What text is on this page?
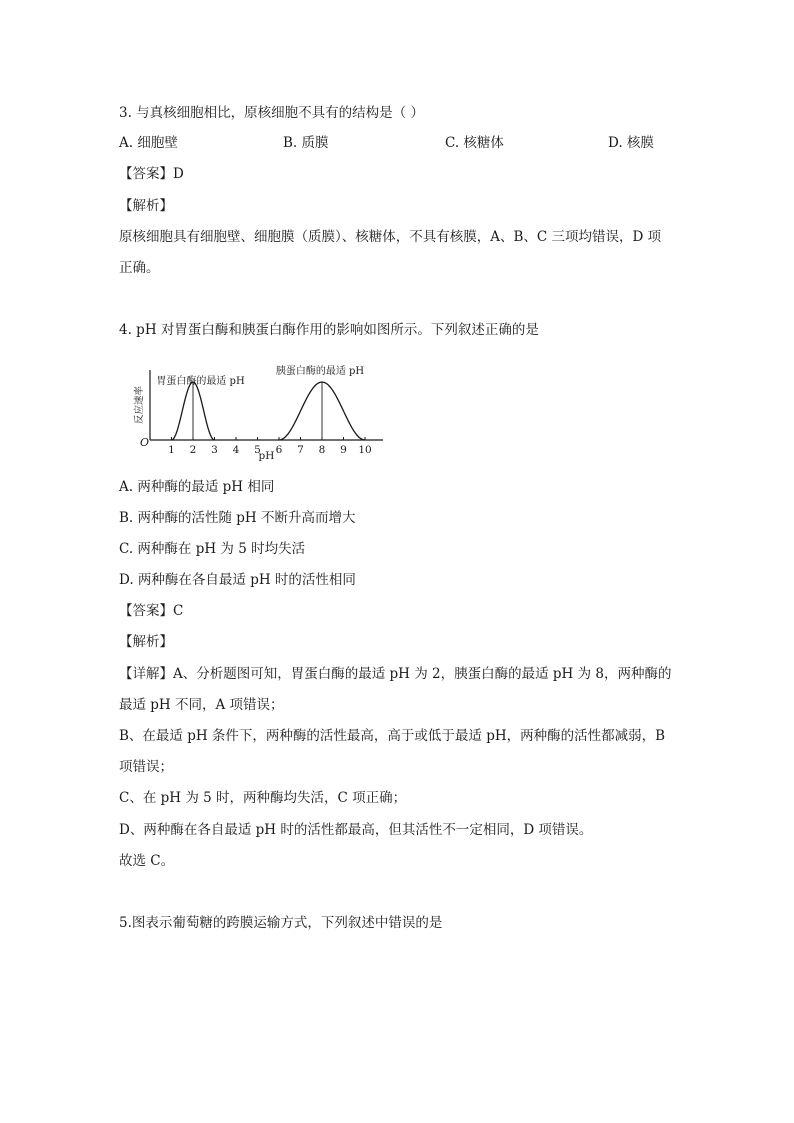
3. 与真核细胞相比，原核细胞不具有的结构是（ ）
A. 细胞壁	B. 质膜	C. 核糖体	D. 核膜
【答案】D
【解析】
原核细胞具有细胞壁、细胞膜（质膜）、核糖体，不具有核膜，A、B、C 三项均错误，D 项
正确。
4. pH 对胃蛋白酶和胰蛋白酶作用的影响如图所示。下列叙述正确的是
1 2 3 4 5 6 7 8 9 10
O
pH
反应速率
胃蛋白酶的最适 pH
胰蛋白酶的最适 pH
A. 两种酶的最适 pH 相同
B. 两种酶的活性随 pH 不断升高而增大
C. 两种酶在 pH 为 5 时均失活
D. 两种酶在各自最适 pH 时的活性相同
【答案】C
【解析】
【详解】A、分析题图可知，胃蛋白酶的最适 pH 为 2，胰蛋白酶的最适 pH 为 8，两种酶的
最适 pH 不同，A 项错误；
B、在最适 pH 条件下，两种酶的活性最高，高于或低于最适 pH，两种酶的活性都减弱，B
项错误；
C、在 pH 为 5 时，两种酶均失活，C 项正确；
D、两种酶在各自最适 pH 时的活性都最高，但其活性不一定相同，D 项错误。
故选 C。
5.图表示葡萄糖的跨膜运输方式，下列叙述中错误的是
